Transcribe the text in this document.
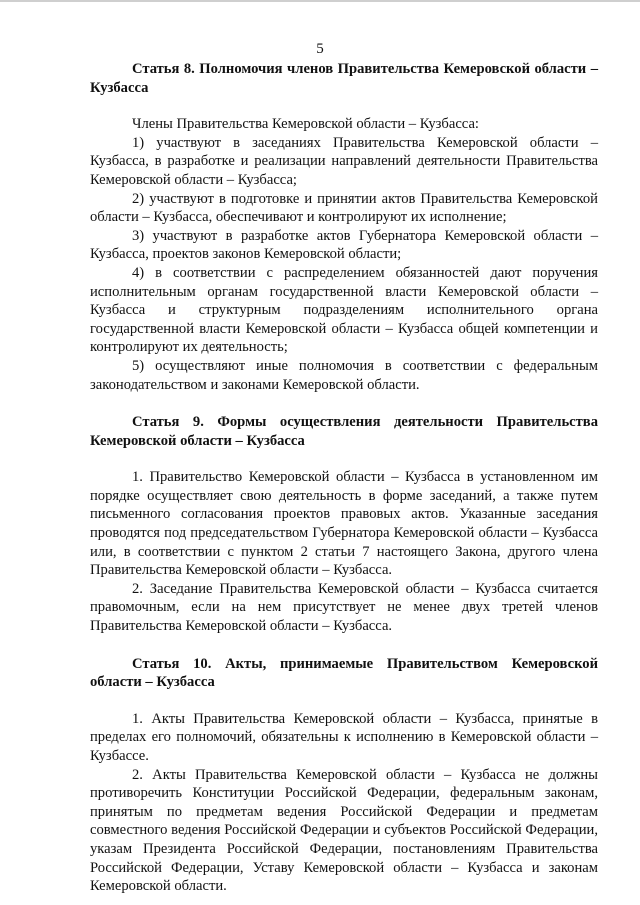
5

Статья 8. Полномочия членов Правительства Кемеровской области – Кузбасса

Члены Правительства Кемеровской области – Кузбасса:

1) участвуют в заседаниях Правительства Кемеровской области – Кузбасса, в разработке и реализации направлений деятельности Правительства Кемеровской области – Кузбасса;

2) участвуют в подготовке и принятии актов Правительства Кемеровской области – Кузбасса, обеспечивают и контролируют их исполнение;

3) участвуют в разработке актов Губернатора Кемеровской области – Кузбасса, проектов законов Кемеровской области;

4) в соответствии с распределением обязанностей дают поручения исполнительным органам государственной власти Кемеровской области – Кузбасса и структурным подразделениям исполнительного органа государственной власти Кемеровской области – Кузбасса общей компетенции и контролируют их деятельность;

5) осуществляют иные полномочия в соответствии с федеральным законодательством и законами Кемеровской области.

Статья 9. Формы осуществления деятельности Правительства Кемеровской области – Кузбасса

1. Правительство Кемеровской области – Кузбасса в установленном им порядке осуществляет свою деятельность в форме заседаний, а также путем письменного согласования проектов правовых актов. Указанные заседания проводятся под председательством Губернатора Кемеровской области – Кузбасса или, в соответствии с пунктом 2 статьи 7 настоящего Закона, другого члена Правительства Кемеровской области – Кузбасса.

2. Заседание Правительства Кемеровской области – Кузбасса считается правомочным, если на нем присутствует не менее двух третей членов Правительства Кемеровской области – Кузбасса.

Статья 10. Акты, принимаемые Правительством Кемеровской области – Кузбасса

1. Акты Правительства Кемеровской области – Кузбасса, принятые в пределах его полномочий, обязательны к исполнению в Кемеровской области – Кузбассе.

2. Акты Правительства Кемеровской области – Кузбасса не должны противоречить Конституции Российской Федерации, федеральным законам, принятым по предметам ведения Российской Федерации и предметам совместного ведения Российской Федерации и субъектов Российской Федерации, указам Президента Российской Федерации, постановлениям Правительства Российской Федерации, Уставу Кемеровской области – Кузбасса и законам Кемеровской области.
